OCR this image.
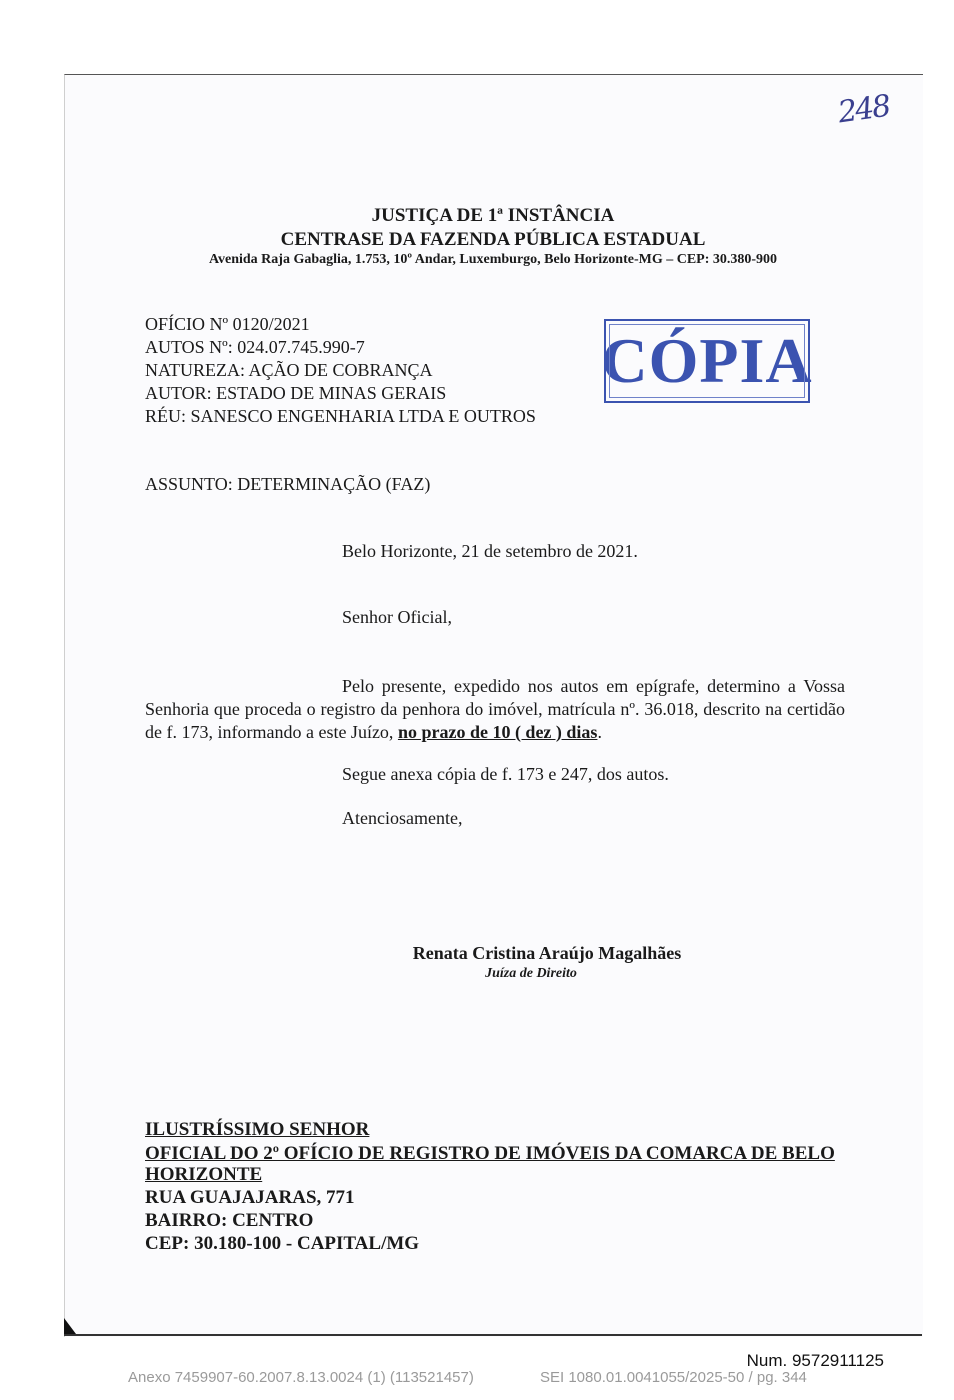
248
JUSTIÇA DE 1ª INSTÂNCIA
CENTRASE DA FAZENDA PÚBLICA ESTADUAL
Avenida Raja Gabaglia, 1.753, 10º Andar, Luxemburgo, Belo Horizonte-MG – CEP: 30.380-900
OFÍCIO Nº 0120/2021
AUTOS Nº: 024.07.745.990-7
NATUREZA: AÇÃO DE COBRANÇA
AUTOR: ESTADO DE MINAS GERAIS
RÉU: SANESCO ENGENHARIA LTDA E OUTROS
CÓPIA
ASSUNTO: DETERMINAÇÃO (FAZ)
Belo Horizonte, 21 de setembro de 2021.
Senhor Oficial,
Pelo presente, expedido nos autos em epígrafe, determino a Vossa Senhoria que proceda o registro da penhora do imóvel, matrícula nº. 36.018, descrito na certidão de f. 173, informando a este Juízo, no prazo de 10 ( dez ) dias.
Segue anexa cópia de f. 173 e 247, dos autos.
Atenciosamente,
Renata Cristina Araújo Magalhães
Juíza de Direito
ILUSTRÍSSIMO SENHOR
OFICIAL DO 2º OFÍCIO DE REGISTRO DE IMÓVEIS DA COMARCA DE BELO
HORIZONTE
RUA GUAJAJARAS, 771
BAIRRO: CENTRO
CEP: 30.180-100 - CAPITAL/MG
Num. 9572911125
Anexo 7459907-60.2007.8.13.0024 (1) (113521457)	SEI 1080.01.0041055/2025-50 / pg. 344
